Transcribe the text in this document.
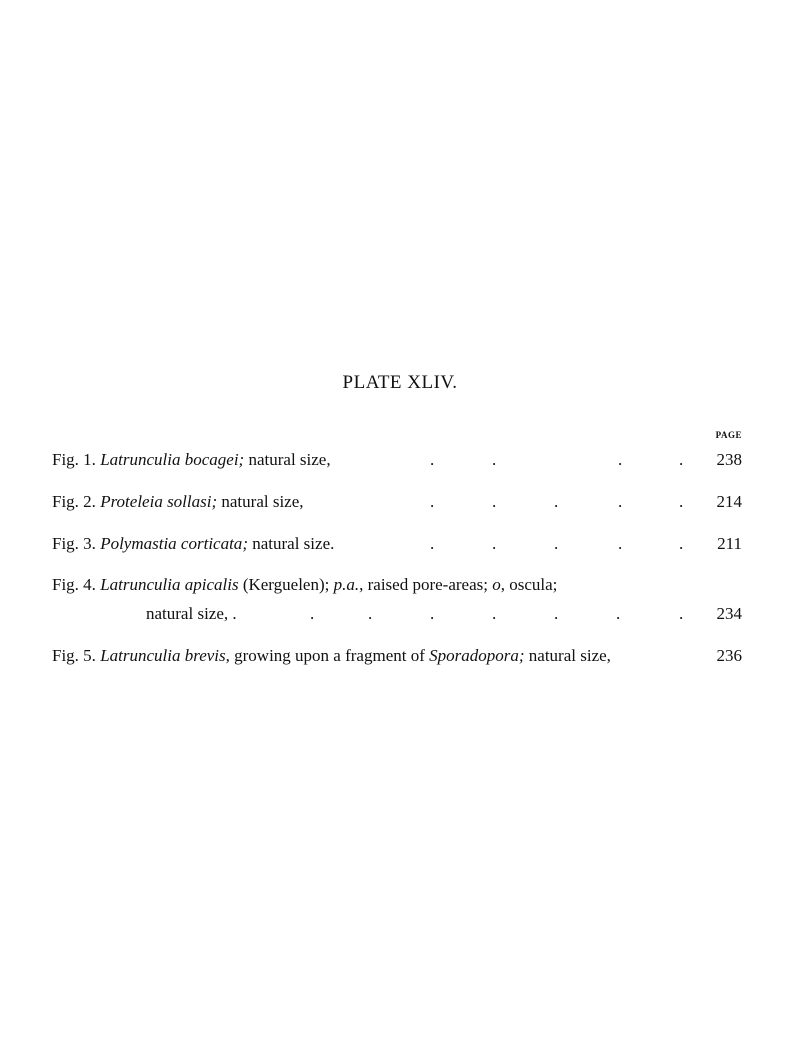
PLATE XLIV.
PAGE
Fig. 1. Latrunculia bocagei; natural size,	.	.	.	. 238
Fig. 2. Proteleia sollasi; natural size,	.	.	.	.	. 214
Fig. 3. Polymastia corticata; natural size.	.	.	.	.	. 211
Fig. 4. Latrunculia apicalis (Kerguelen); p.a., raised pore-areas; o, oscula;
natural size, .	.	.	.	.	.	.	. 234
Fig. 5. Latrunculia brevis, growing upon a fragment of Sporadopora; natural size,	236
